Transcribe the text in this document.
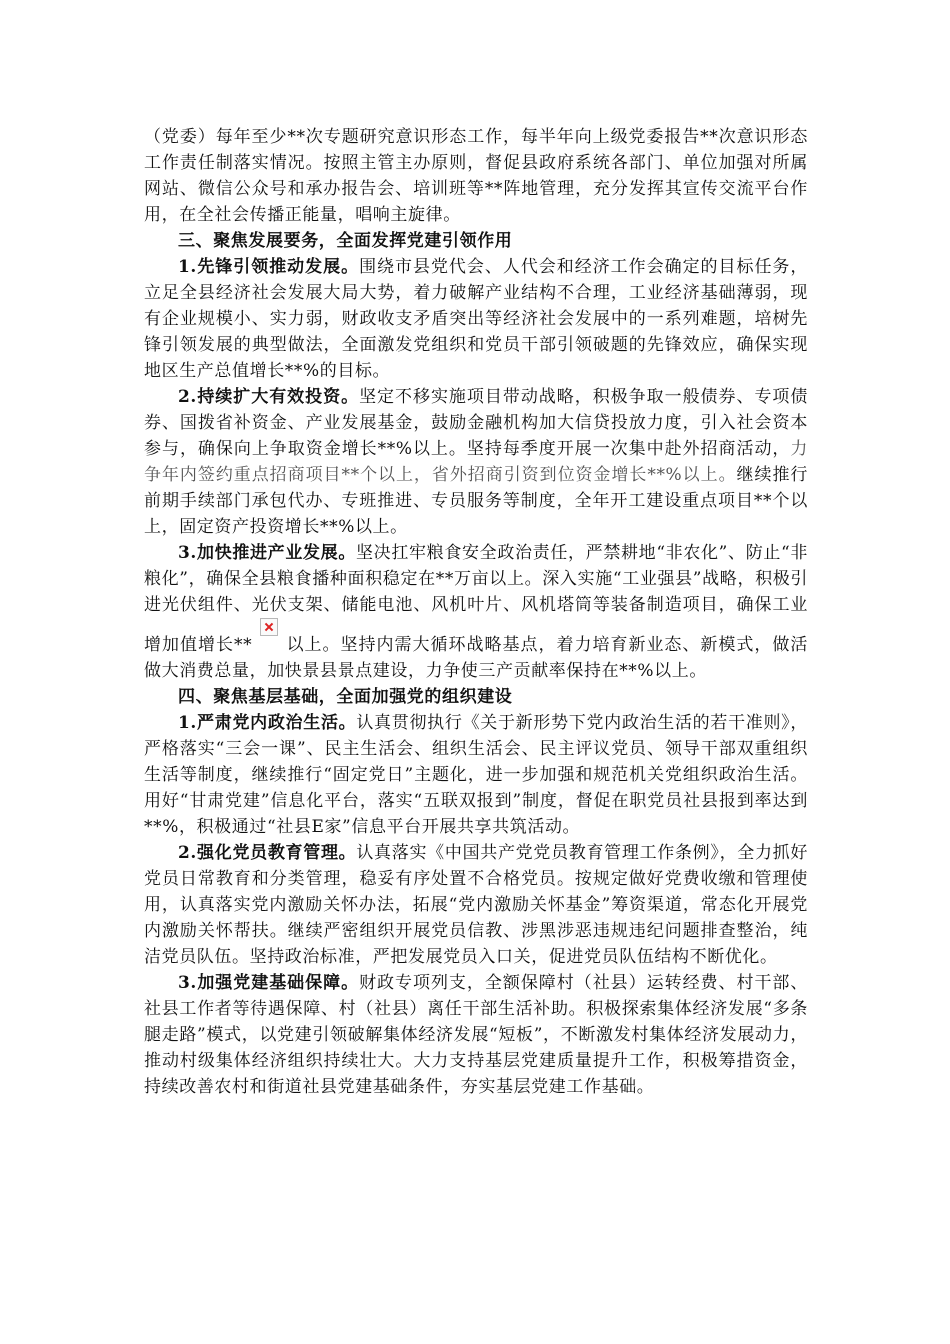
（党委）每年至少**次专题研究意识形态工作，每半年向上级党委报告**次意识形态工作责任制落实情况。按照主管主办原则，督促县政府系统各部门、单位加强对所属网站、微信公众号和承办报告会、培训班等**阵地管理，充分发挥其宣传交流平台作用，在全社会传播正能量，唱响主旋律。

三、聚焦发展要务，全面发挥党建引领作用

1.先锋引领推动发展。围绕市县党代会、人代会和经济工作会确定的目标任务，立足全县经济社会发展大局大势，着力破解产业结构不合理，工业经济基础薄弱，现有企业规模小、实力弱，财政收支矛盾突出等经济社会发展中的一系列难题，培树先锋引领发展的典型做法，全面激发党组织和党员干部引领破题的先锋效应，确保实现地区生产总值增长**%的目标。

2.持续扩大有效投资。坚定不移实施项目带动战略，积极争取一般债券、专项债券、国拨省补资金、产业发展基金，鼓励金融机构加大信贷投放力度，引入社会资本参与，确保向上争取资金增长**%以上。坚持每季度开展一次集中赴外招商活动，力争年内签约重点招商项目**个以上，省外招商引资到位资金增长**%以上。继续推行前期手续部门承包代办、专班推进、专员服务等制度，全年开工建设重点项目**个以上，固定资产投资增长**%以上。

3.加快推进产业发展。坚决扛牢粮食安全政治责任，严禁耕地“非农化”、防止“非粮化”，确保全县粮食播种面积稳定在**万亩以上。深入实施“工业强县”战略，积极引进光伏组件、光伏支架、储能电池、风机叶片、风机塔筒等装备制造项目，确保工业增加值增长** 以上。坚持内需大循环战略基点，着力培育新业态、新模式，做活做大消费总量，加快景县景点建设，力争使三产贡献率保持在**%以上。

四、聚焦基层基础，全面加强党的组织建设

1.严肃党内政治生活。认真贯彻执行《关于新形势下党内政治生活的若干准则》，严格落实“三会一课”、民主生活会、组织生活会、民主评议党员、领导干部双重组织生活等制度，继续推行“固定党日”主题化，进一步加强和规范机关党组织政治生活。用好“甘肃党建”信息化平台，落实“五联双报到”制度，督促在职党员社县报到率达到**%，积极通过“社县E家”信息平台开展共享共筑活动。

2.强化党员教育管理。认真落实《中国共产党党员教育管理工作条例》，全力抓好党员日常教育和分类管理，稳妥有序处置不合格党员。按规定做好党费收缴和管理使用，认真落实党内激励关怀办法，拓展“党内激励关怀基金”筹资渠道，常态化开展党内激励关怀帮扶。继续严密组织开展党员信教、涉黑涉恶违规违纪问题排查整治，纯洁党员队伍。坚持政治标准，严把发展党员入口关，促进党员队伍结构不断优化。

3.加强党建基础保障。财政专项列支，全额保障村（社县）运转经费、村干部、社县工作者等待遇保障、村（社县）离任干部生活补助。积极探索集体经济发展“多条腿走路”模式，以党建引领破解集体经济发展“短板”，不断激发村集体经济发展动力，推动村级集体经济组织持续壮大。大力支持基层党建质量提升工作，积极筹措资金，持续改善农村和街道社县党建基础条件，夯实基层党建工作基础。
